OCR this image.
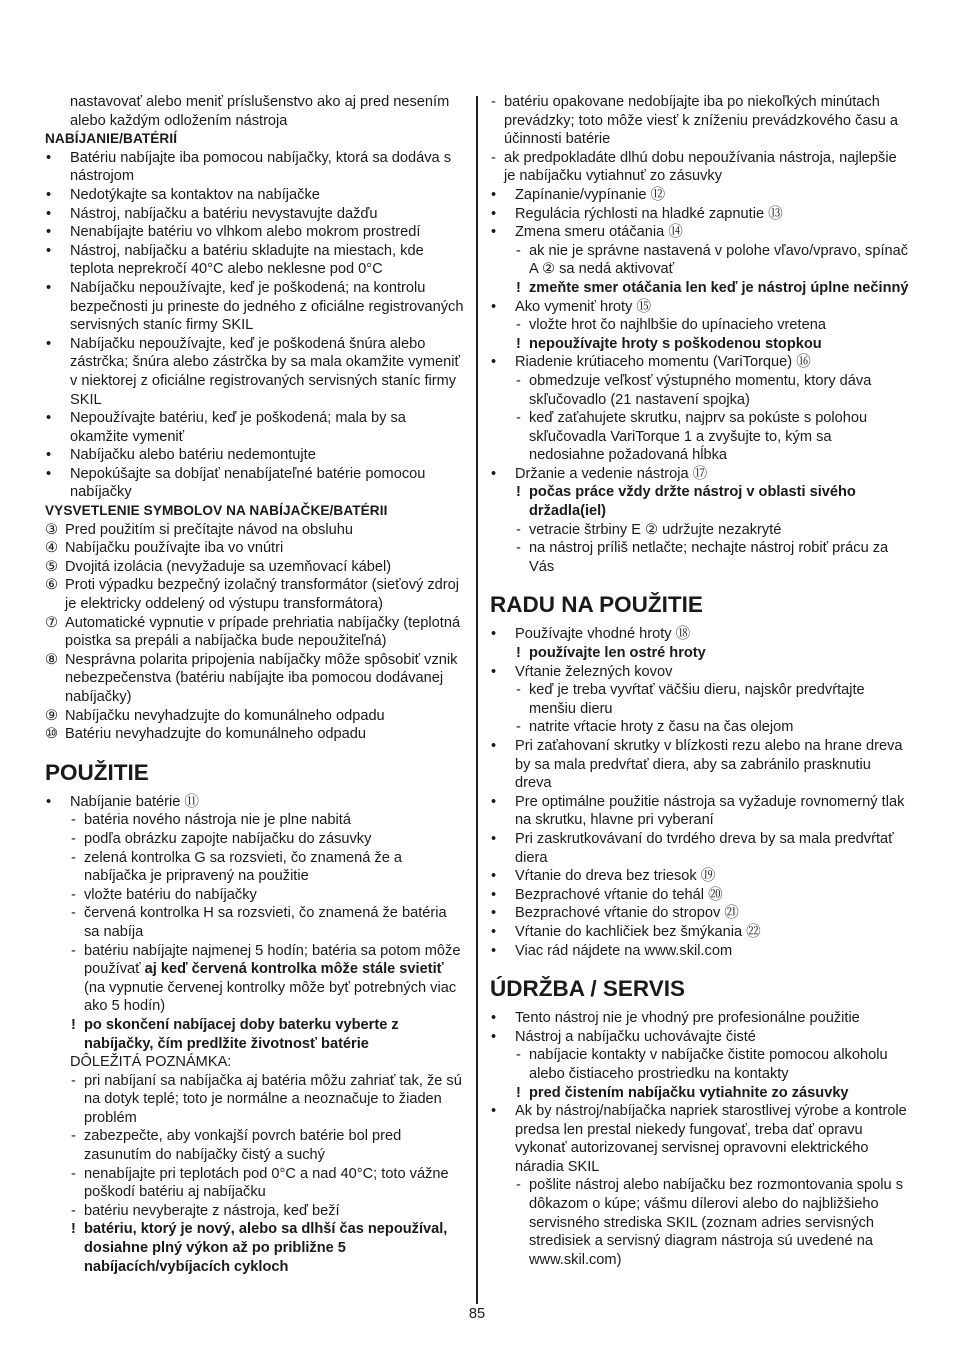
nastavovať alebo meniť príslušenstvo ako aj pred nesením alebo každým odložením nástroja
NABÍJANIE/BATÉRIÍ
• Batériu nabíjajte iba pomocou nabíjačky, ktorá sa dodáva s nástrojom
• Nedotýkajte sa kontaktov na nabíjačke
• Nástroj, nabíjačku a batériu nevystavujte dažďu
• Nenabíjajte batériu vo vlhkom alebo mokrom prostredí
• Nástroj, nabíjačku a batériu skladujte na miestach, kde teplota neprekročí 40°C alebo neklesne pod 0°C
• Nabíjačku nepoužívajte, keď je poškodená; na kontrolu bezpečnosti ju prineste do jedného z oficiálne registrovaných servisných staníc firmy SKIL
• Nabíjačku nepoužívajte, keď je poškodená šnúra alebo zástrčka; šnúra alebo zástrčka by sa mala okamžite vymeniť v niektorej z oficiálne registrovaných servisných staníc firmy SKIL
• Nepoužívajte batériu, keď je poškodená; mala by sa okamžite vymeniť
• Nabíjačku alebo batériu nedemontujte
• Nepokúšajte sa dobíjať nenabíjateľné batérie pomocou nabíjačky
VYSVETLENIE SYMBOLOV NA NABÍJAČKE/BATÉRII
③ Pred použitím si prečítajte návod na obsluhu
④ Nabíjačku používajte iba vo vnútri
⑤ Dvojitá izolácia (nevyžaduje sa uzemňovací kábel)
⑥ Proti výpadku bezpečný izolačný transformátor (sieťový zdroj je elektricky oddelený od výstupu transformátora)
⑦ Automatické vypnutie v prípade prehriatia nabíjačky (teplotná poistka sa prepáli a nabíjačka bude nepoužiteľná)
⑧ Nesprávna polarita pripojenia nabíjačky môže spôsobiť vznik nebezpečenstva (batériu nabíjajte iba pomocou dodávanej nabíjačky)
⑨ Nabíjačku nevyhadzujte do komunálneho odpadu
⑩ Batériu nevyhadzujte do komunálneho odpadu
POUŽITIE
• Nabíjanie batérie ⑪
- batéria nového nástroja nie je plne nabitá
- podľa obrázku zapojte nabíjačku do zásuvky
- zelená kontrolka G sa rozsvieti, čo znamená že a nabíjačka je pripravený na použitie
- vložte batériu do nabíjačky
- červená kontrolka H sa rozsvieti, čo znamená že batéria sa nabíja
- batériu nabíjajte najmenej 5 hodín; batéria sa potom môže používať aj keď červená kontrolka môže stále svietiť (na vypnutie červenej kontrolky môže byť potrebných viac ako 5 hodín)
! po skončení nabíjacej doby baterku vyberte z nabíjačky, čím predlžite životnosť batérie
DÔLEŽITÁ POZNÁMKA:
- pri nabíjaní sa nabíjačka aj batéria môžu zahriať tak, že sú na dotyk teplé; toto je normálne a neoznačuje to žiaden problém
- zabezpečte, aby vonkajší povrch batérie bol pred zasunutím do nabíjačky čistý a suchý
- nenabíjajte pri teplotách pod 0°C a nad 40°C; toto vážne poškodí batériu aj nabíjačku
- batériu nevyberajte z nástroja, keď beží
! batériu, ktorý je nový, alebo sa dlhší čas nepoužíval, dosiahne plný výkon až po približne 5 nabíjacích/vybíjacích cykloch
- batériu opakovane nedobíjajte iba po niekoľkých minútach prevádzky; toto môže viesť k zníženiu prevádzkového času a účinnosti batérie
- ak predpokladáte dlhú dobu nepoužívania nástroja, najlepšie je nabíjačku vytiahnuť zo zásuvky
• Zapínanie/vypínanie ⑫
• Regulácia rýchlosti na hladké zapnutie ⑬
• Zmena smeru otáčania ⑭
- ak nie je správne nastavená v polohe vľavo/vpravo, spínač A ② sa nedá aktivovať
! zmeňte smer otáčania len keď je nástroj úplne nečinný
• Ako vymeniť hroty ⑮
- vložte hrot čo najhlbšie do upínacieho vretena
! nepoužívajte hroty s poškodenou stopkou
• Riadenie krútiaceho momentu (VariTorque) ⑯
- obmedzuje veľkosť výstupného momentu, ktory dáva skľučovadlo (21 nastavení spojka)
- keď zaťahujete skrutku, najprv sa pokúste s polohou skľučovadla VariTorque 1 a zvyšujte to, kým sa nedosiahne požadovaná hĺbka
• Držanie a vedenie nástroja ⑰
! počas práce vždy držte nástroj v oblasti sivého držadla(iel)
- vetracie štrbiny E ② udržujte nezakryté
- na nástroj príliš netlačte; nechajte nástroj robiť prácu za Vás
RADU NA POUŽITIE
• Používajte vhodné hroty ⑱
! používajte len ostré hroty
• Vŕtanie železných kovov
- keď je treba vyvŕtať väčšiu dieru, najskôr predvŕtajte menšiu dieru
- natrite vŕtacie hroty z času na čas olejom
• Pri zaťahovaní skrutky v blízkosti rezu alebo na hrane dreva by sa mala predvŕtať diera, aby sa zabránilo prasknutiu dreva
• Pre optimálne použitie nástroja sa vyžaduje rovnomerný tlak na skrutku, hlavne pri vyberaní
• Pri zaskrutkovávaní do tvrdého dreva by sa mala predvŕtať diera
• Vŕtanie do dreva bez triesok ⑲
• Bezprachové vŕtanie do tehál ⑳
• Bezprachové vŕtanie do stropov ㉑
• Vŕtanie do kachličiek bez šmýkania ㉒
• Viac rád nájdete na www.skil.com
ÚDRŽBA / SERVIS
• Tento nástroj nie je vhodný pre profesionálne použitie
• Nástroj a nabíjačku uchovávajte čisté
- nabíjacie kontakty v nabíjačke čistite pomocou alkoholu alebo čistiaceho prostriedku na kontakty
! pred čistením nabíjačku vytiahnite zo zásuvky
• Ak by nástroj/nabíjačka napriek starostlivej výrobe a kontrole predsa len prestal niekedy fungovať, treba dať opravu vykonať autorizovanej servisnej opravovni elektrického náradia SKIL
- pošlite nástroj alebo nabíjačku bez rozmontovania spolu s dôkazom o kúpe; vášmu dílerovi alebo do najbližšieho servisného strediska SKIL (zoznam adries servisných stredisiek a servisný diagram nástroja sú uvedené na www.skil.com)
85
